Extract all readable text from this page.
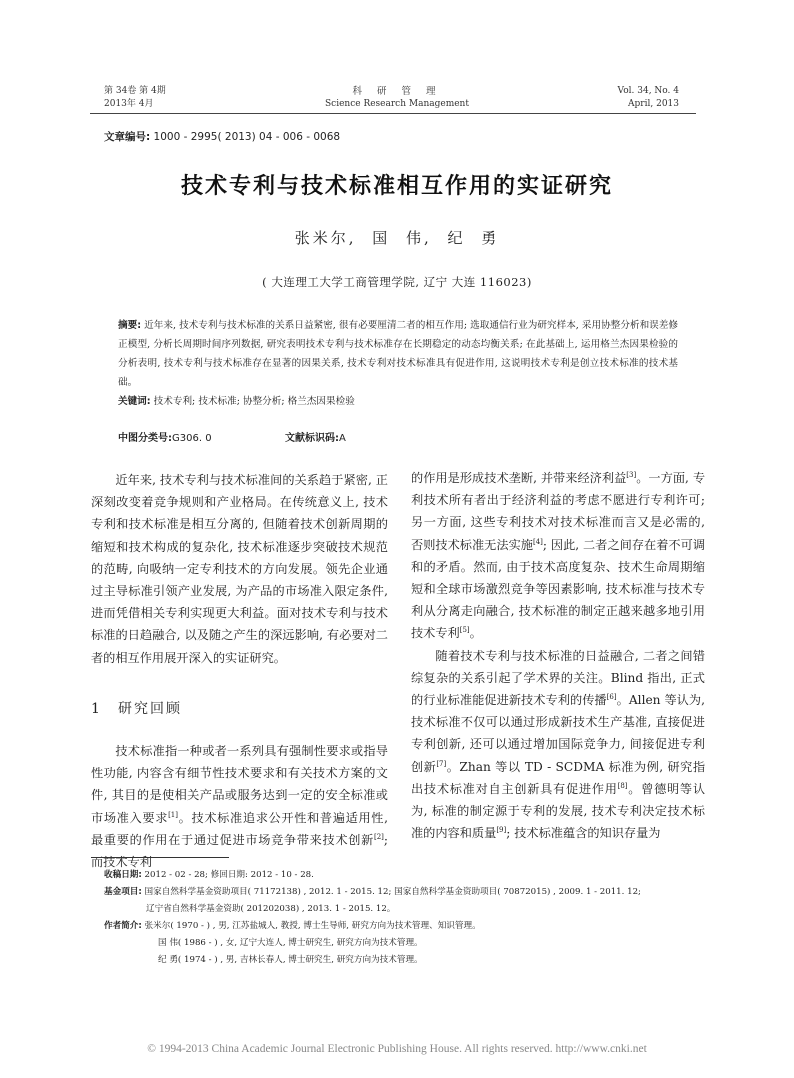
第 34卷 第 4期
2013年 4月
科 研 管 理
Science Research Management
Vol. 34, No. 4
April, 2013
文章编号: 1000 - 2995( 2013) 04 - 006 - 0068
技术专利与技术标准相互作用的实证研究
张米尔, 国 伟, 纪 勇
( 大连理工大学工商管理学院, 辽宁 大连 116023)
摘要: 近年来, 技术专利与技术标准的关系日益紧密, 很有必要厘清二者的相互作用; 选取通信行业为研究样本, 采用协整分析和误差修正模型, 分析长周期时间序列数据, 研究表明技术专利与技术标准存在长期稳定的动态均衡关系; 在此基础上, 运用格兰杰因果检验的分析表明, 技术专利与技术标准存在显著的因果关系, 技术专利对技术标准具有促进作用, 这说明技术专利是创立技术标准的技术基础。
关键词: 技术专利; 技术标准; 协整分析; 格兰杰因果检验
中图分类号:G306. 0	文献标识码:A

近年来, 技术专利与技术标准间的关系趋于紧密, 正深刻改变着竞争规则和产业格局。在传统意义上, 技术专利和技术标准是相互分离的, 但随着技术创新周期的缩短和技术构成的复杂化, 技术标准逐步突破技术规范的范畴, 向吸纳一定专利技术的方向发展。领先企业通过主导标准引领产业发展, 为产品的市场准入限定条件, 进而凭借相关专利实现更大利益。面对技术专利与技术标准的日趋融合, 以及随之产生的深远影响, 有必要对二者的相互作用展开深入的实证研究。

1 研究回顾

技术标准指一种或者一系列具有强制性要求或指导性功能, 内容含有细节性技术要求和有关技术方案的文件, 其目的是使相关产品或服务达到一定的安全标准或市场准入要求[1]。技术标准追求公开性和普遍适用性, 最重要的作用在于通过促进市场竞争带来技术创新[2]; 而技术专利

的作用是形成技术垄断, 并带来经济利益[3]。一方面, 专利技术所有者出于经济利益的考虑不愿进行专利许可; 另一方面, 这些专利技术对技术标准而言又是必需的, 否则技术标准无法实施[4]; 因此, 二者之间存在着不可调和的矛盾。然而, 由于技术高度复杂、技术生命周期缩短和全球市场激烈竞争等因素影响, 技术标准与技术专利从分离走向融合, 技术标准的制定正越来越多地引用技术专利[5]。

随着技术专利与技术标准的日益融合, 二者之间错综复杂的关系引起了学术界的关注。Blind 指出, 正式的行业标准能促进新技术专利的传播[6]。Allen 等认为, 技术标准不仅可以通过形成新技术生产基准, 直接促进专利创新, 还可以通过增加国际竞争力, 间接促进专利创新[7]。Zhan 等以 TD - SCDMA 标准为例, 研究指出技术标准对自主创新具有促进作用[8]。曾德明等认为, 标准的制定源于专利的发展, 技术专利决定技术标准的内容和质量[9]; 技术标准蕴含的知识存量为

收稿日期: 2012 - 02 - 28; 修回日期: 2012 - 10 - 28.
基金项目: 国家自然科学基金资助项目( 71172138) , 2012. 1 - 2015. 12; 国家自然科学基金资助项目( 70872015) , 2009. 1 - 2011. 12;
辽宁省自然科学基金资助( 201202038) , 2013. 1 - 2015. 12。
作者简介: 张米尔( 1970 - ) , 男, 江苏盐城人, 教授, 博士生导师, 研究方向为技术管理、知识管理。
国 伟( 1986 - ) , 女, 辽宁大连人, 博士研究生, 研究方向为技术管理。
纪 勇( 1974 - ) , 男, 吉林长春人, 博士研究生, 研究方向为技术管理。
© 1994-2013 China Academic Journal Electronic Publishing House. All rights reserved. http://www.cnki.net
